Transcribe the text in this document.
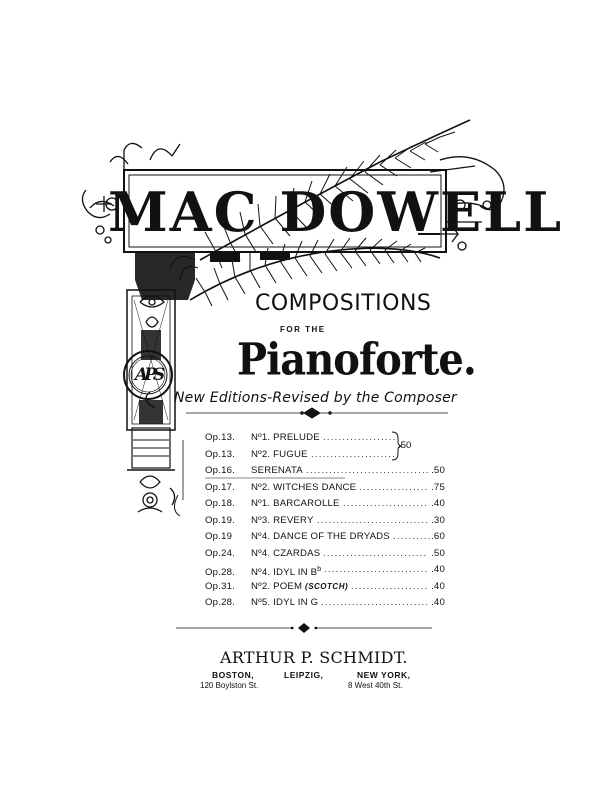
APS
MAC DOWELL
COMPOSITIONS
FOR THE
Pianoforte.
New Editions-Revised by the Composer
Op.13. Nº1. PRELUDE ...................
Op.13. Nº2. FUGUE ......................
Op.16. SERENATA ................................ .50
Op.17. Nº2. WITCHES DANCE .................. .75
Op.18. Nº1. BARCAROLLE ...................... .40
Op.19. Nº3. REVERY ............................. .30
Op.19 Nº4. DANCE OF THE DRYADS .......... .60
Op.24. Nº4. CZARDAS ........................... .50
Op.28. Nº4. IDYL IN $B^b$ ........................... .40
Op.31. Nº2. POEM (SCOTCH) .................... .40
Op.28. Nº5. IDYL IN G ............................ .40
.50
ARTHUR P. SCHMIDT.
BOSTON,
120 Boylston St.
LEIPZIG,	NEW YORK,
8 West 40th St.
